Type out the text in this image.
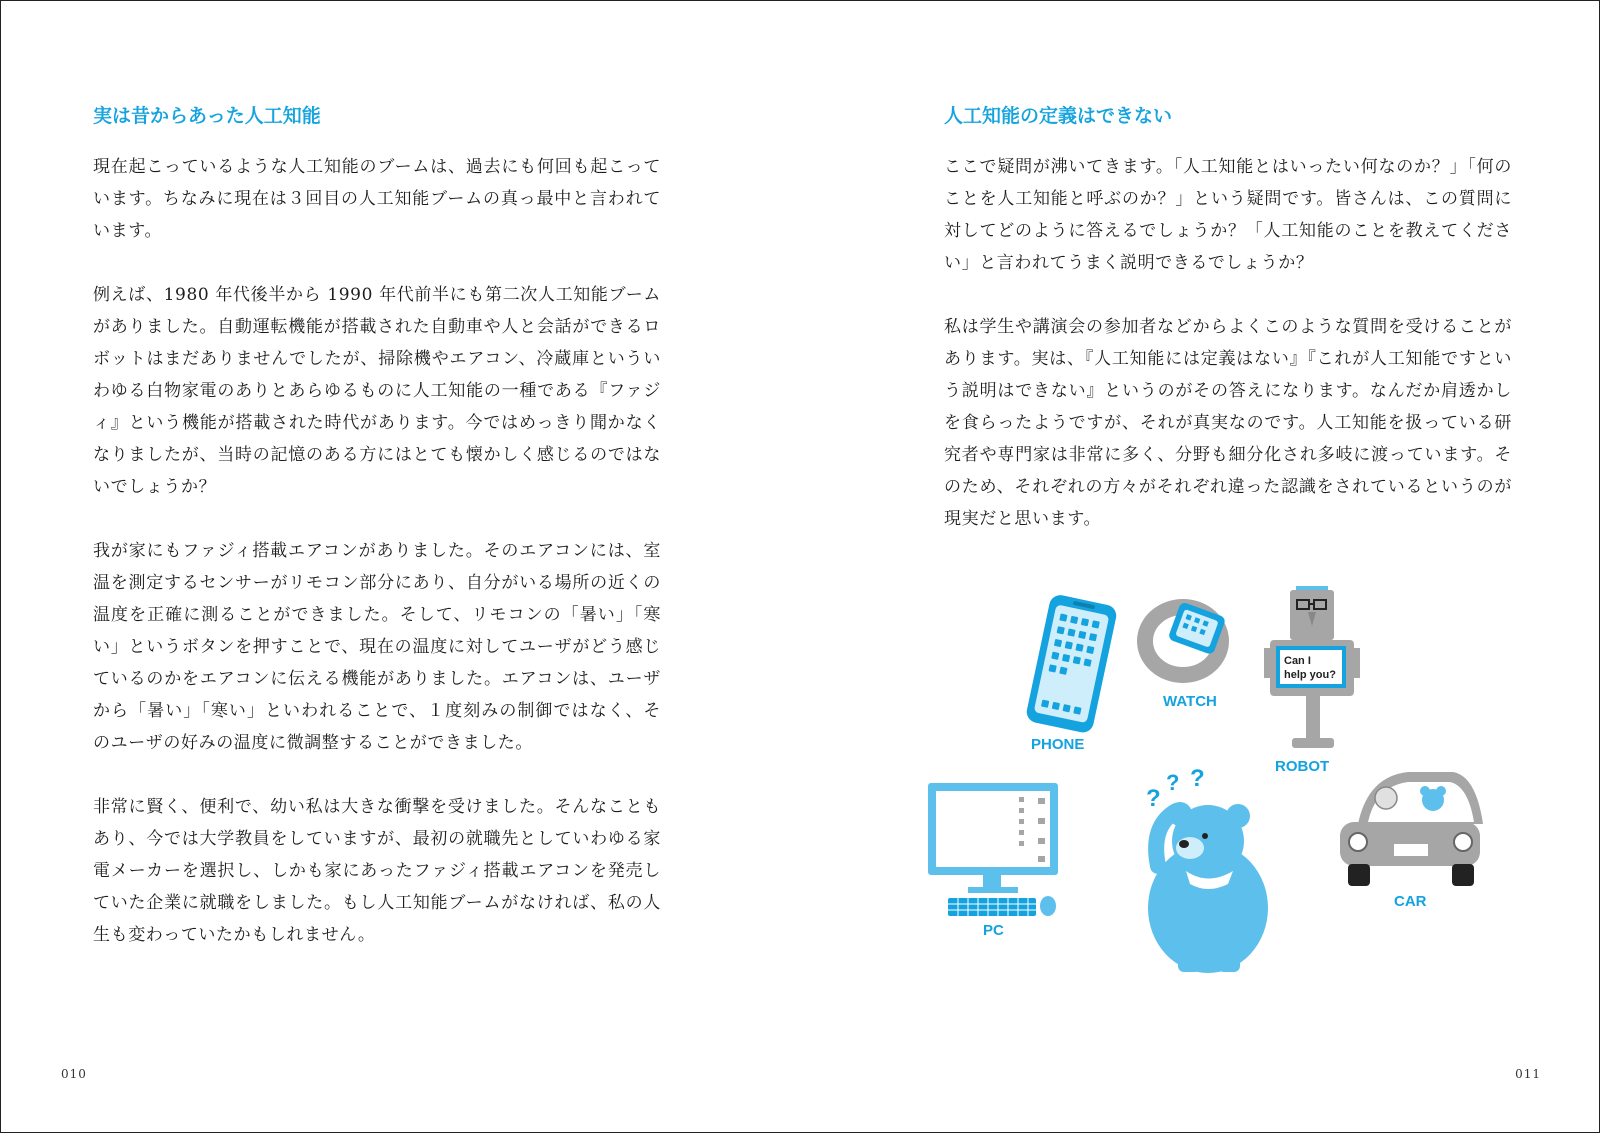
実は昔からあった人工知能

現在起こっているような人工知能のブームは、過去にも何回も起こっています。ちなみに現在は３回目の人工知能ブームの真っ最中と言われています。

例えば、1980 年代後半から 1990 年代前半にも第二次人工知能ブームがありました。自動運転機能が搭載された自動車や人と会話ができるロボットはまだありませんでしたが、掃除機やエアコン、冷蔵庫といういわゆる白物家電のありとあらゆるものに人工知能の一種である『ファジィ』という機能が搭載された時代があります。今ではめっきり聞かなくなりましたが、当時の記憶のある方にはとても懐かしく感じるのではないでしょうか？

我が家にもファジィ搭載エアコンがありました。そのエアコンには、室温を測定するセンサーがリモコン部分にあり、自分がいる場所の近くの温度を正確に測ることができました。そして、リモコンの「暑い」「寒い」というボタンを押すことで、現在の温度に対してユーザがどう感じているのかをエアコンに伝える機能がありました。エアコンは、ユーザから「暑い」「寒い」といわれることで、１度刻みの制御ではなく、そのユーザの好みの温度に微調整することができました。

非常に賢く、便利で、幼い私は大きな衝撃を受けました。そんなこともあり、今では大学教員をしていますが、最初の就職先としていわゆる家電メーカーを選択し、しかも家にあったファジィ搭載エアコンを発売していた企業に就職をしました。もし人工知能ブームがなければ、私の人生も変わっていたかもしれません。

010
人工知能の定義はできない

ここで疑問が沸いてきます。「人工知能とはいったい何なのか？」「何のことを人工知能と呼ぶのか？」という疑問です。皆さんは、この質問に対してどのように答えるでしょうか？「人工知能のことを教えてください」と言われてうまく説明できるでしょうか？

私は学生や講演会の参加者などからよくこのような質問を受けることがあります。実は、『人工知能には定義はない』『これが人工知能ですという説明はできない』というのがその答えになります。なんだか肩透かしを食らったようですが、それが真実なのです。人工知能を扱っている研究者や専門家は非常に多く、分野も細分化され多岐に渡っています。そのため、それぞれの方々がそれぞれ違った認識をされているというのが現実だと思います。

011
PHONE
WATCH
Can I
help you?
ROBOT
PC
?
? ?
CAR
